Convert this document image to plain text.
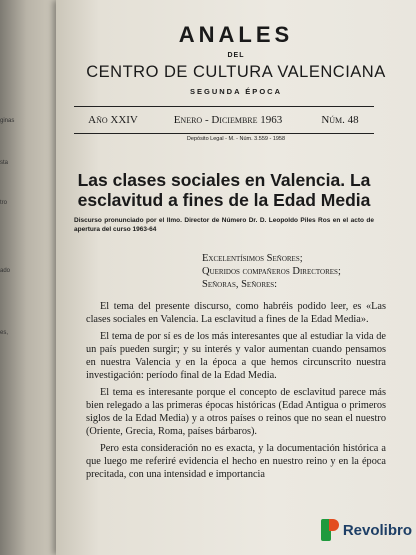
ginas
sta
tro
ado
es,
ANALES
DEL
CENTRO DE CULTURA VALENCIANA
SEGUNDA ÉPOCA
Año XXIV	Enero - Diciembre 1963	Núm. 48
Depósito Legal - M. - Núm. 3.559 - 1958
Las clases sociales en Valencia. La esclavitud a fines de la Edad Media
Discurso pronunciado por el Ilmo. Director de Número Dr. D. Leopoldo Piles Ros en el acto de apertura del curso 1963-64
Excelentísimos Señores;
Queridos compañeros Directores;
Señoras, Señores:

El tema del presente discurso, como habréis podido leer, es «Las clases sociales en Valencia. La esclavitud a fines de la Edad Media».

El tema de por sí es de los más interesantes que al estudiar la vida de un país pueden surgir; y su interés y valor aumentan cuando pensamos en nuestra Valencia y en la época a que hemos circunscrito nuestra investigación: período final de la Edad Media.

El tema es interesante porque el concepto de esclavitud parece más bien relegado a las primeras épocas históricas (Edad Antigua o primeros siglos de la Edad Media) y a otros países o reinos que no sean el nuestro (Oriente, Grecia, Roma, países bárbaros).

Pero esta consideración no es exacta, y la documentación histórica a que luego me referiré evidencia el hecho en nuestro reino y en la época precitada, con una intensidad e importancia

Revolibro
